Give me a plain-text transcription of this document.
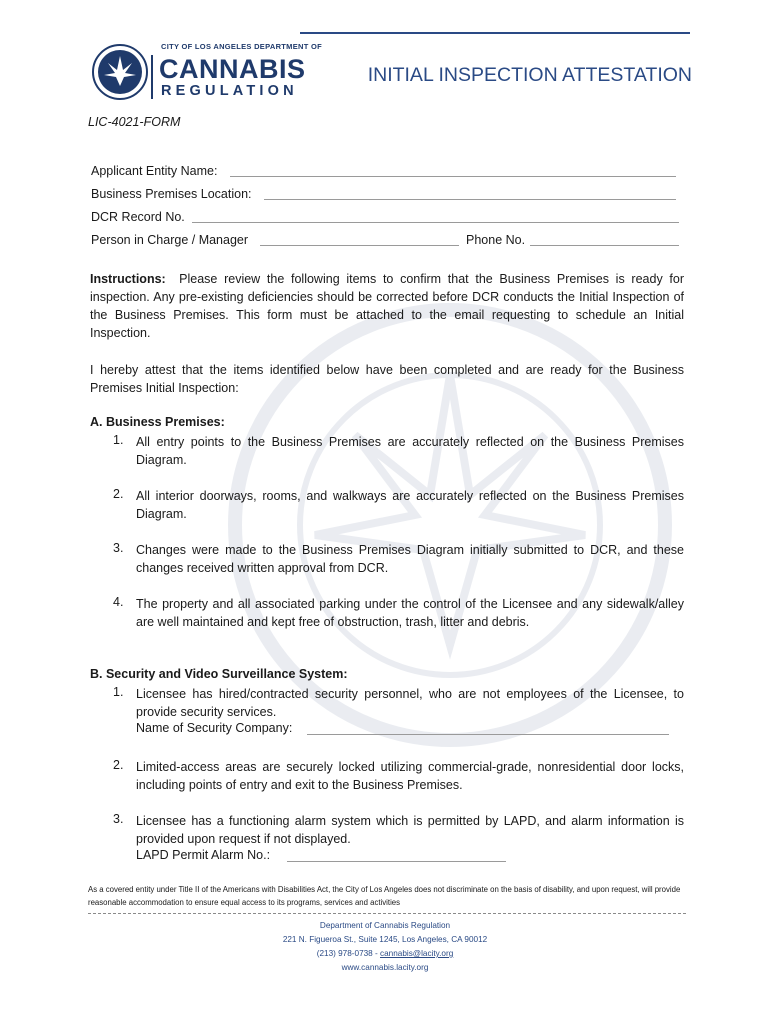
CITY OF LOS ANGELES DEPARTMENT OF
CANNABIS
REGULATION
INITIAL INSPECTION ATTESTATION
LIC-4021-FORM
Applicant Entity Name:
Business Premises Location:
DCR Record No.
Person in Charge / Manager	Phone No.
Instructions: Please review the following items to confirm that the Business Premises is ready for inspection. Any pre-existing deficiencies should be corrected before DCR conducts the Initial Inspection of the Business Premises. This form must be attached to the email requesting to schedule an Initial Inspection.
I hereby attest that the items identified below have been completed and are ready for the Business Premises Initial Inspection:
A. Business Premises:
1. All entry points to the Business Premises are accurately reflected on the Business Premises Diagram.
2. All interior doorways, rooms, and walkways are accurately reflected on the Business Premises Diagram.
3. Changes were made to the Business Premises Diagram initially submitted to DCR, and these changes received written approval from DCR.
4. The property and all associated parking under the control of the Licensee and any sidewalk/alley are well maintained and kept free of obstruction, trash, litter and debris.
B. Security and Video Surveillance System:
1. Licensee has hired/contracted security personnel, who are not employees of the Licensee, to provide security services.
Name of Security Company:
2. Limited-access areas are securely locked utilizing commercial-grade, nonresidential door locks, including points of entry and exit to the Business Premises.
3. Licensee has a functioning alarm system which is permitted by LAPD, and alarm information is provided upon request if not displayed.
LAPD Permit Alarm No.:
As a covered entity under Title II of the Americans with Disabilities Act, the City of Los Angeles does not discriminate on the basis of disability, and upon request, will provide reasonable accommodation to ensure equal access to its programs, services and activities
Department of Cannabis Regulation
221 N. Figueroa St., Suite 1245, Los Angeles, CA 90012
(213) 978-0738 - cannabis@lacity.org
www.cannabis.lacity.org
